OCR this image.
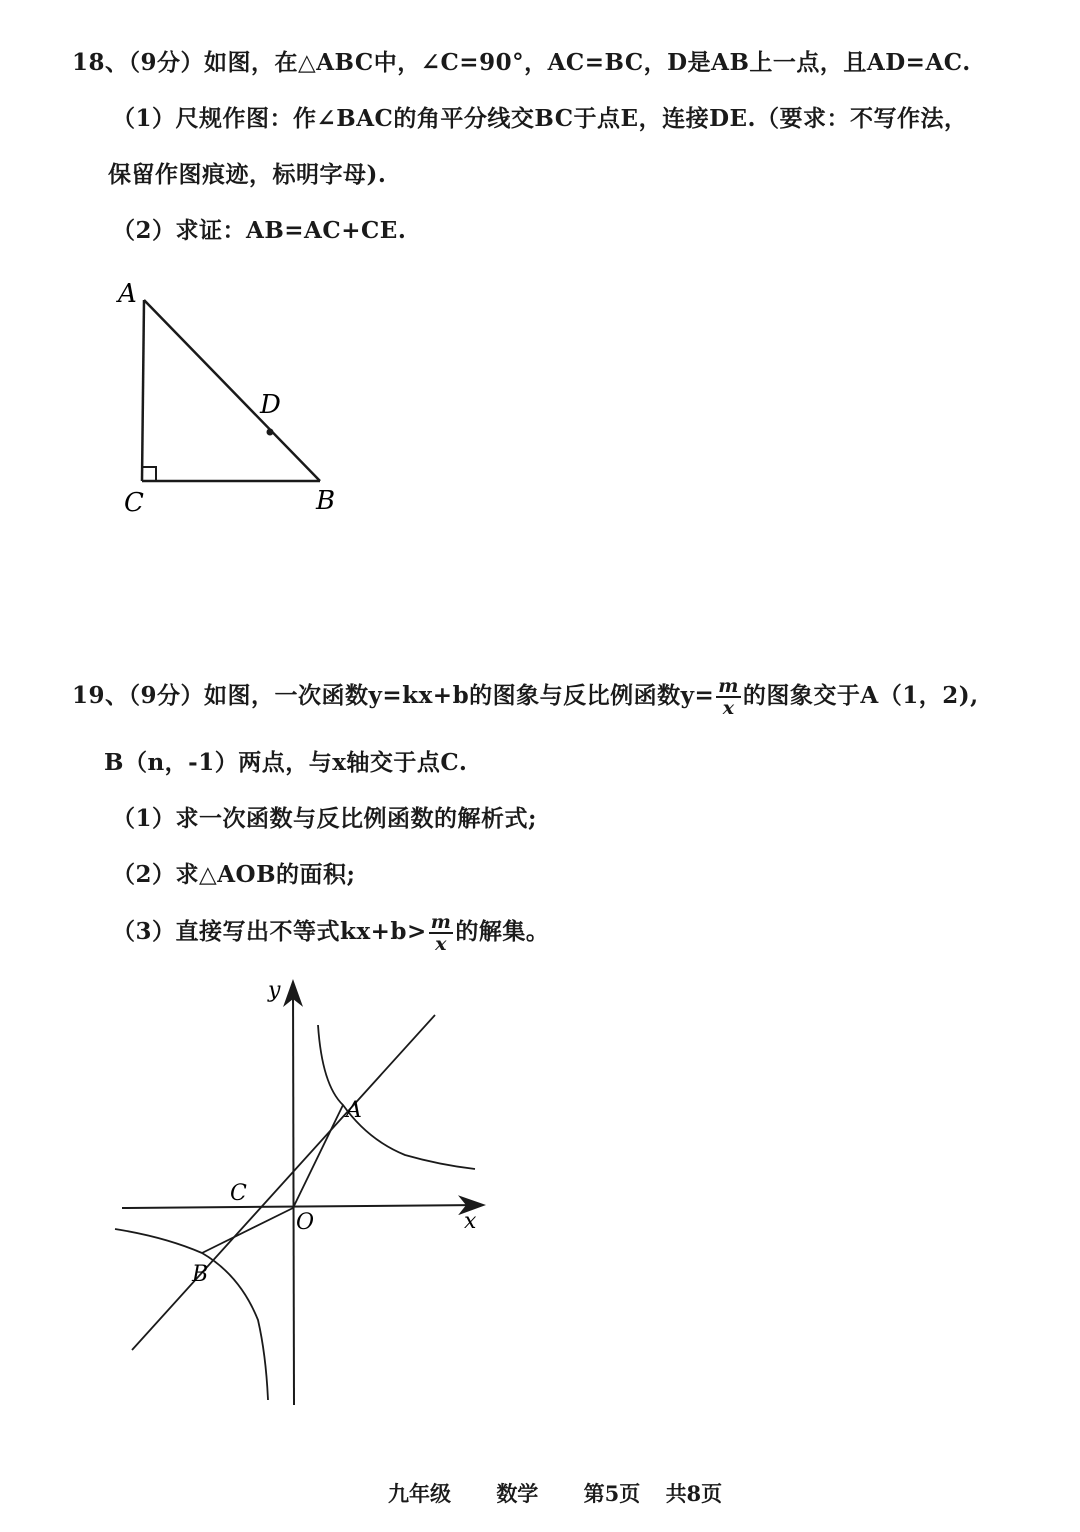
18、（9分）如图，在△ABC中，∠C=90°，AC=BC，D是AB上一点，且AD=AC.
（1）尺规作图：作∠BAC的角平分线交BC于点E，连接DE.（要求：不写作法，
保留作图痕迹，标明字母).
（2）求证：AB=AC+CE.
A
C	B
D
19、（9分）如图，一次函数y=kx+b的图象与反比例函数$y= \frac{m}{x}$ 的图象交于A（1，2),
B（n，-1）两点，与x轴交于点C.
（1）求一次函数与反比例函数的解析式;
（2）求△AOB的面积;
（3）直接写出不等式$kx+b> \frac{m}{x}$ 的解集。
y
x
O
A
B
C
九年级 数学 第5页 共8页
